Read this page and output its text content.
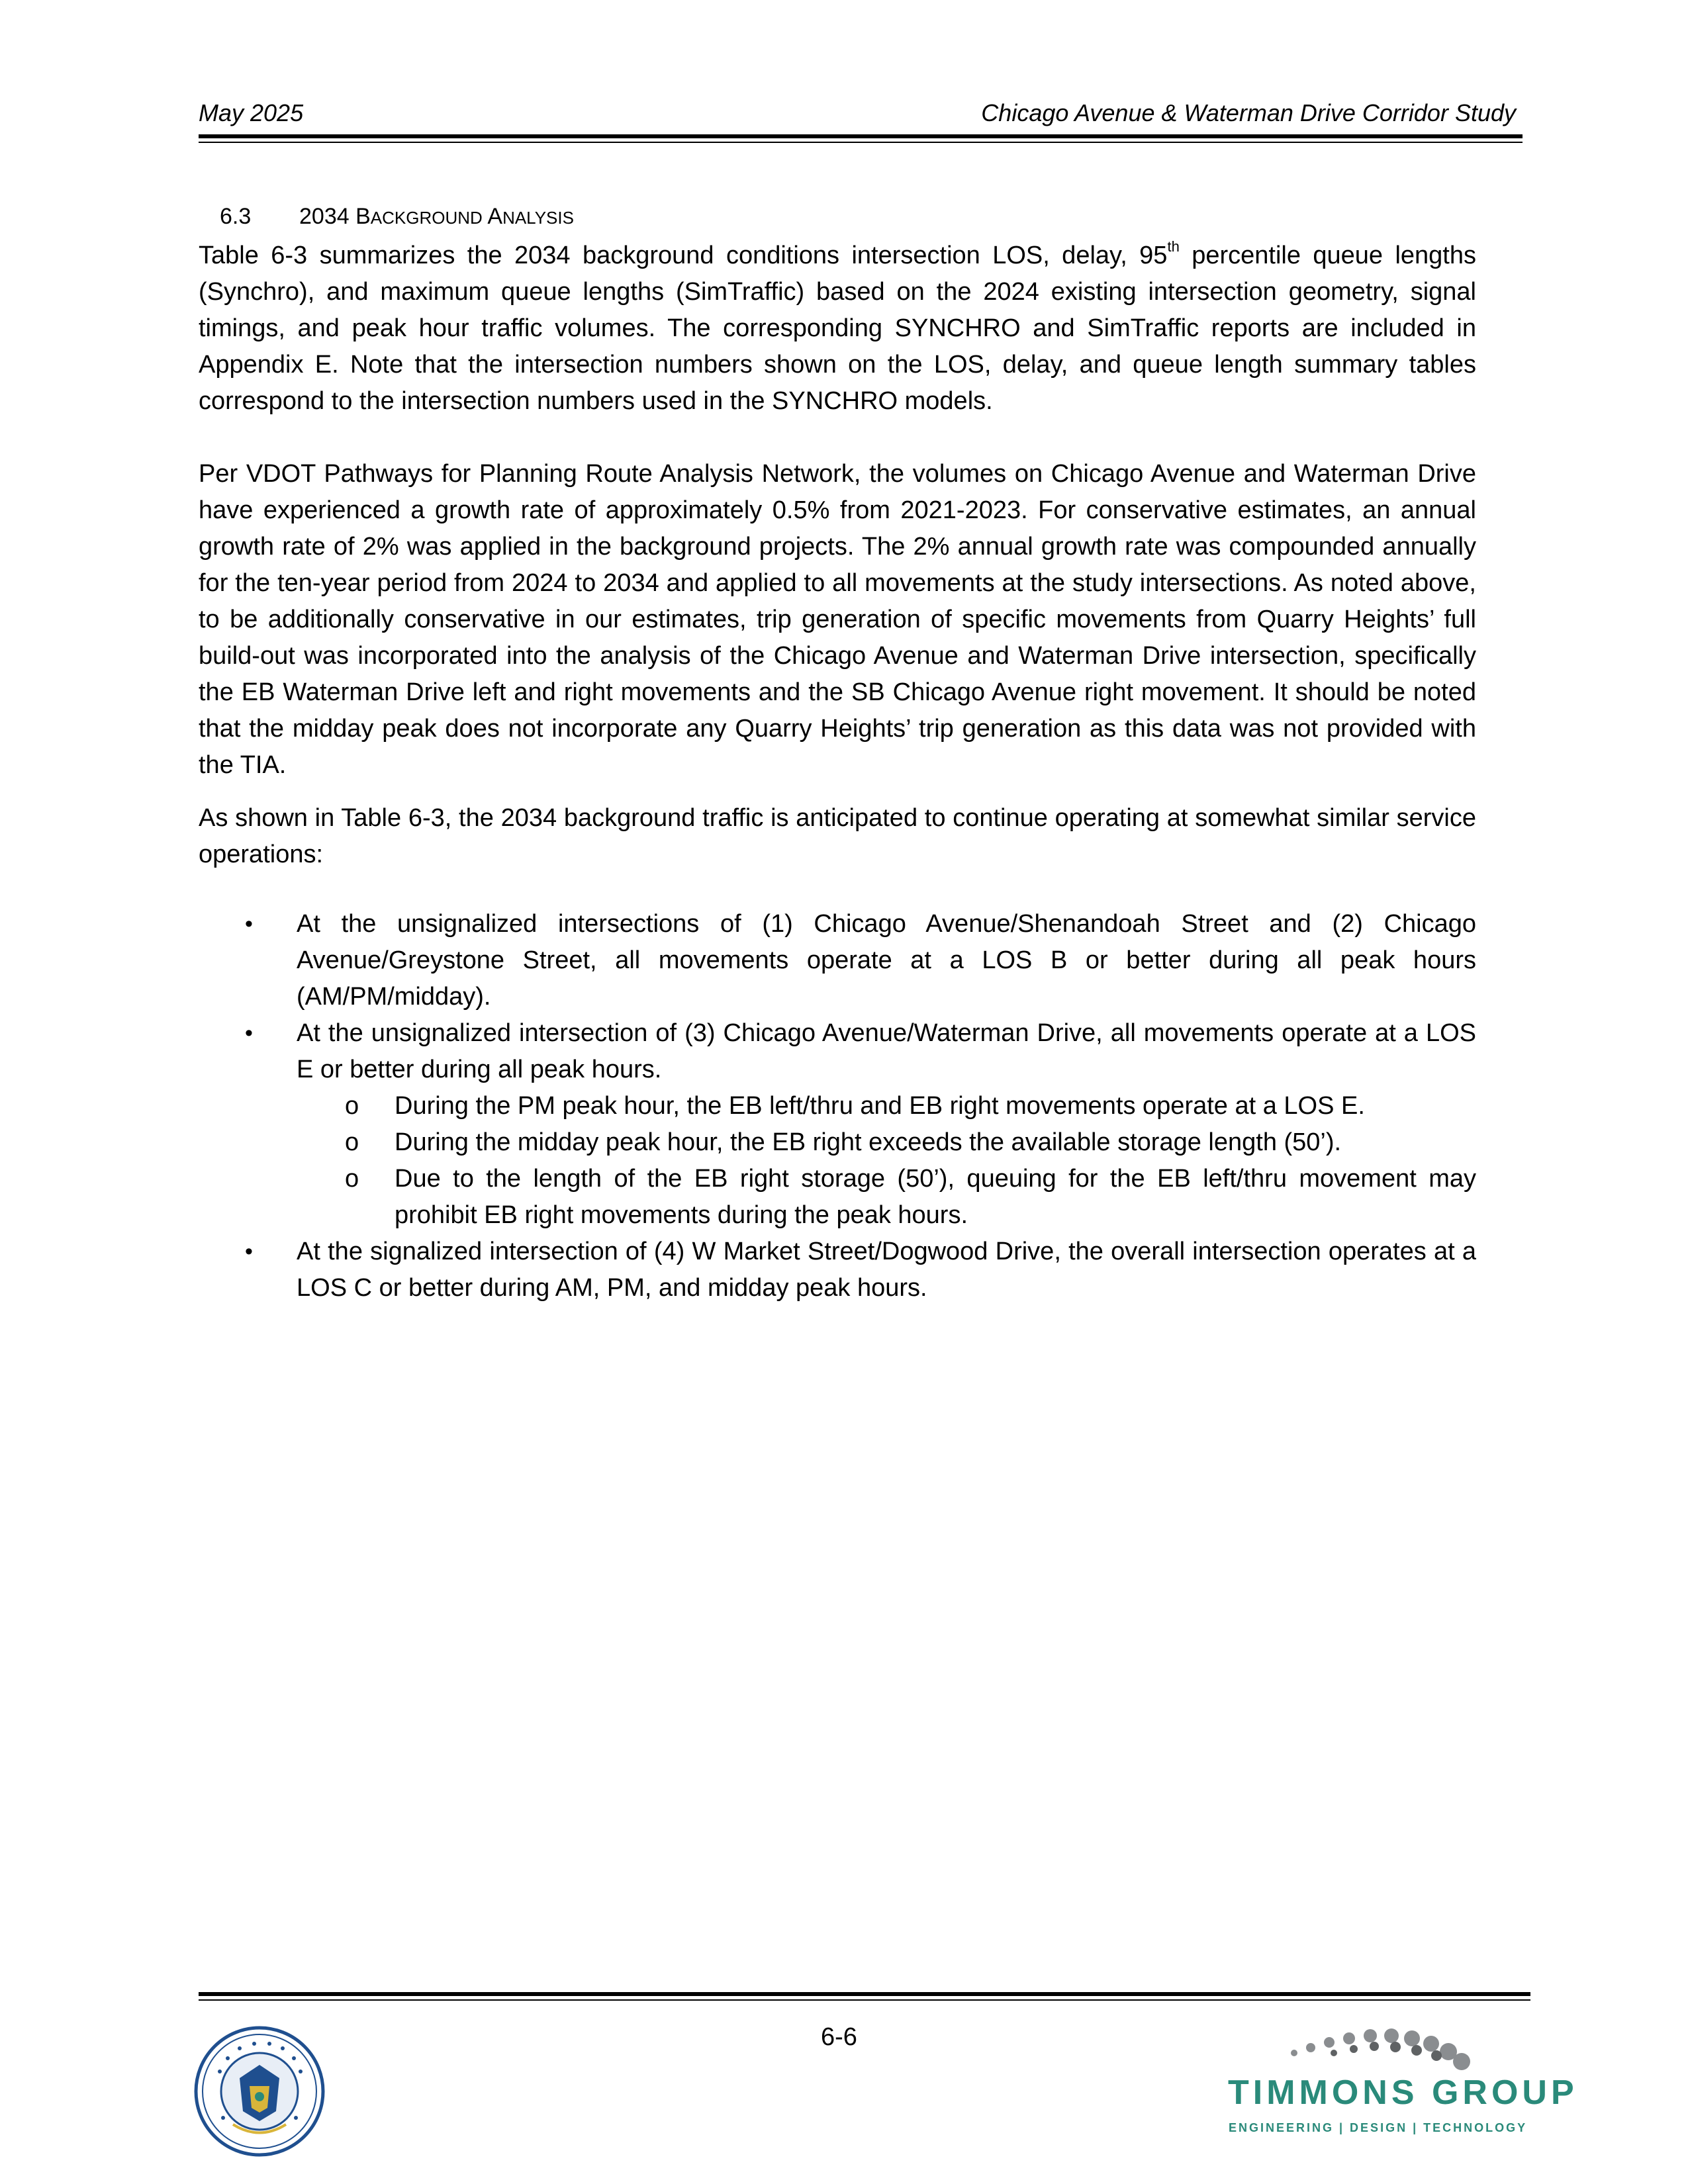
May 2025	Chicago Avenue & Waterman Drive Corridor Study
6.3 2034 BACKGROUND ANALYSIS

Table 6-3 summarizes the 2034 background conditions intersection LOS, delay, 95th percentile queue lengths (Synchro), and maximum queue lengths (SimTraffic) based on the 2024 existing intersection geometry, signal timings, and peak hour traffic volumes. The corresponding SYNCHRO and SimTraffic reports are included in Appendix E. Note that the intersection numbers shown on the LOS, delay, and queue length summary tables correspond to the intersection numbers used in the SYNCHRO models.

Per VDOT Pathways for Planning Route Analysis Network, the volumes on Chicago Avenue and Waterman Drive have experienced a growth rate of approximately 0.5% from 2021-2023. For conservative estimates, an annual growth rate of 2% was applied in the background projects. The 2% annual growth rate was compounded annually for the ten-year period from 2024 to 2034 and applied to all movements at the study intersections. As noted above, to be additionally conservative in our estimates, trip generation of specific movements from Quarry Heights’ full build-out was incorporated into the analysis of the Chicago Avenue and Waterman Drive intersection, specifically the EB Waterman Drive left and right movements and the SB Chicago Avenue right movement. It should be noted that the midday peak does not incorporate any Quarry Heights’ trip generation as this data was not provided with the TIA.

As shown in Table 6-3, the 2034 background traffic is anticipated to continue operating at somewhat similar service operations:

• At the unsignalized intersections of (1) Chicago Avenue/Shenandoah Street and (2) Chicago Avenue/Greystone Street, all movements operate at a LOS B or better during all peak hours (AM/PM/midday).
• At the unsignalized intersection of (3) Chicago Avenue/Waterman Drive, all movements operate at a LOS E or better during all peak hours.
o During the PM peak hour, the EB left/thru and EB right movements operate at a LOS E.
o During the midday peak hour, the EB right exceeds the available storage length (50’).
o Due to the length of the EB right storage (50’), queuing for the EB left/thru movement may prohibit EB right movements during the peak hours.
• At the signalized intersection of (4) W Market Street/Dogwood Drive, the overall intersection operates at a LOS C or better during AM, PM, and midday peak hours.
6-6
TIMMONS GROUP
ENGINEERING | DESIGN | TECHNOLOGY
